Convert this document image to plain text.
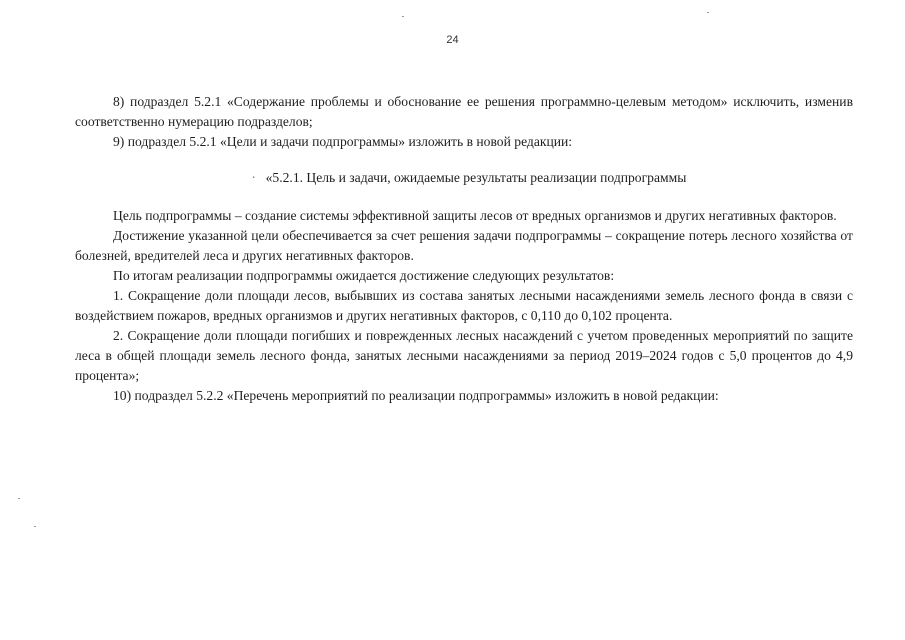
24

8) подраздел 5.2.1 «Содержание проблемы и обоснование ее решения программно-целевым методом» исключить, изменив соответственно нумерацию подразделов;

9) подраздел 5.2.1 «Цели и задачи подпрограммы» изложить в новой редакции:

· «5.2.1. Цель и задачи, ожидаемые результаты реализации подпрограммы

Цель подпрограммы – создание системы эффективной защиты лесов от вредных организмов и других негативных факторов.

Достижение указанной цели обеспечивается за счет решения задачи подпрограммы – сокращение потерь лесного хозяйства от болезней, вредителей леса и других негативных факторов.

По итогам реализации подпрограммы ожидается достижение следующих результатов:

1. Сокращение доли площади лесов, выбывших из состава занятых лесными насаждениями земель лесного фонда в связи с воздействием пожаров, вредных организмов и других негативных факторов, с 0,110 до 0,102 процента.

2. Сокращение доли площади погибших и поврежденных лесных насаждений с учетом проведенных мероприятий по защите леса в общей площади земель лесного фонда, занятых лесными насаждениями за период 2019–2024 годов с 5,0 процентов до 4,9 процента»;

10) подраздел 5.2.2 «Перечень мероприятий по реализации подпрограммы» изложить в новой редакции:
